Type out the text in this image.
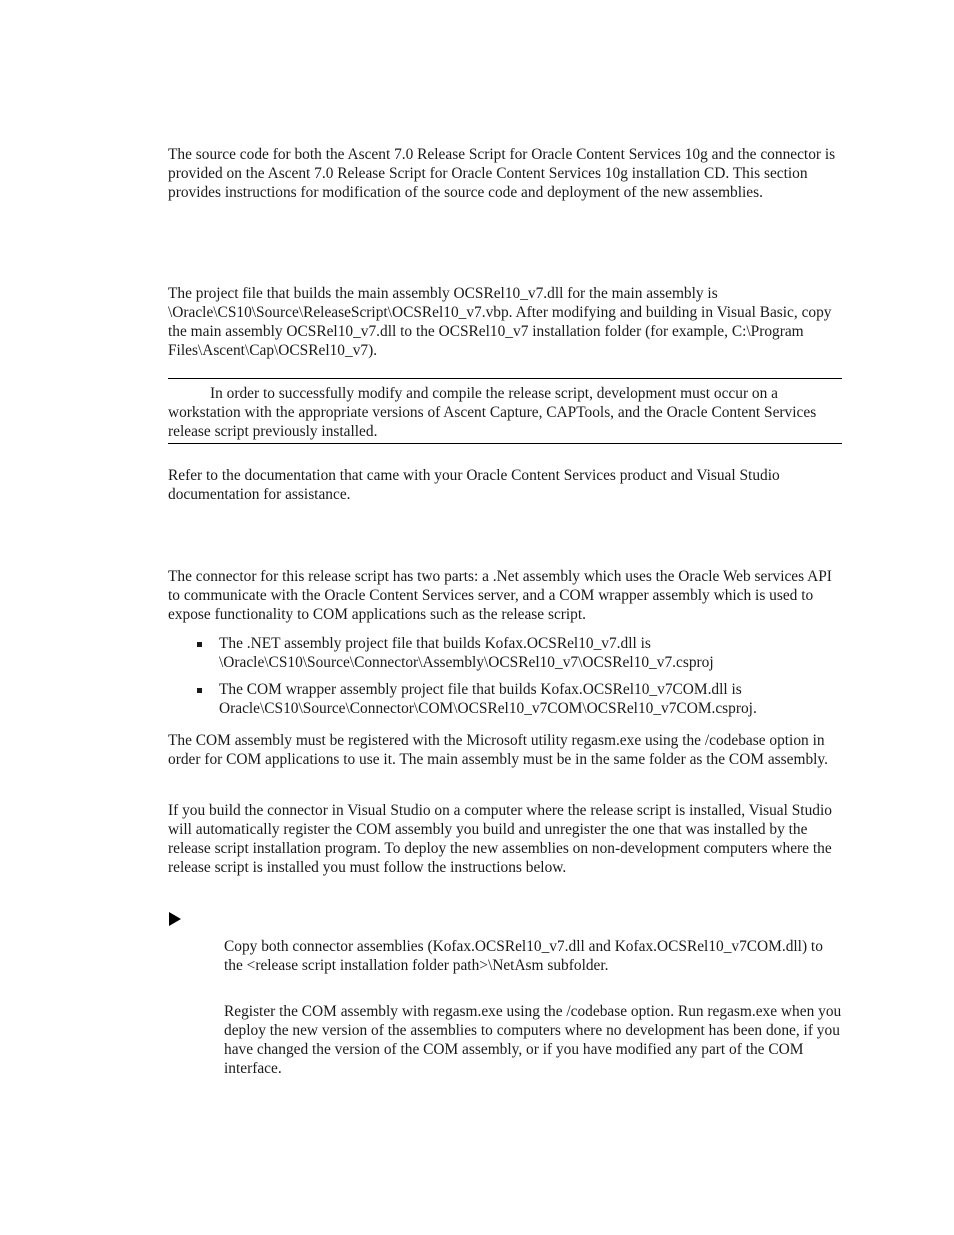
The source code for both the Ascent 7.0 Release Script for Oracle Content Services 10g and the connector is provided on the Ascent 7.0 Release Script for Oracle Content Services 10g installation CD. This section provides instructions for modification of the source code and deployment of the new assemblies.

The project file that builds the main assembly OCSRel10_v7.dll for the main assembly is \Oracle\CS10\Source\ReleaseScript\OCSRel10_v7.vbp. After modifying and building in Visual Basic, copy the main assembly OCSRel10_v7.dll to the OCSRel10_v7 installation folder (for example, C:\Program Files\Ascent\Cap\OCSRel10_v7).

In order to successfully modify and compile the release script, development must occur on a workstation with the appropriate versions of Ascent Capture, CAPTools, and the Oracle Content Services release script previously installed.

Refer to the documentation that came with your Oracle Content Services product and Visual Studio documentation for assistance.

The connector for this release script has two parts: a .Net assembly which uses the Oracle Web services API to communicate with the Oracle Content Services server, and a COM wrapper assembly which is used to expose functionality to COM applications such as the release script.

The .NET assembly project file that builds Kofax.OCSRel10_v7.dll is \Oracle\CS10\Source\Connector\Assembly\OCSRel10_v7\OCSRel10_v7.csproj

The COM wrapper assembly project file that builds Kofax.OCSRel10_v7COM.dll is Oracle\CS10\Source\Connector\COM\OCSRel10_v7COM\OCSRel10_v7COM.csproj.

The COM assembly must be registered with the Microsoft utility regasm.exe using the /codebase option in order for COM applications to use it. The main assembly must be in the same folder as the COM assembly.

If you build the connector in Visual Studio on a computer where the release script is installed, Visual Studio will automatically register the COM assembly you build and unregister the one that was installed by the release script installation program. To deploy the new assemblies on non-development computers where the release script is installed you must follow the instructions below.

Copy both connector assemblies (Kofax.OCSRel10_v7.dll and Kofax.OCSRel10_v7COM.dll) to the <release script installation folder path>\NetAsm subfolder.

Register the COM assembly with regasm.exe using the /codebase option. Run regasm.exe when you deploy the new version of the assemblies to computers where no development has been done, if you have changed the version of the COM assembly, or if you have modified any part of the COM interface.
